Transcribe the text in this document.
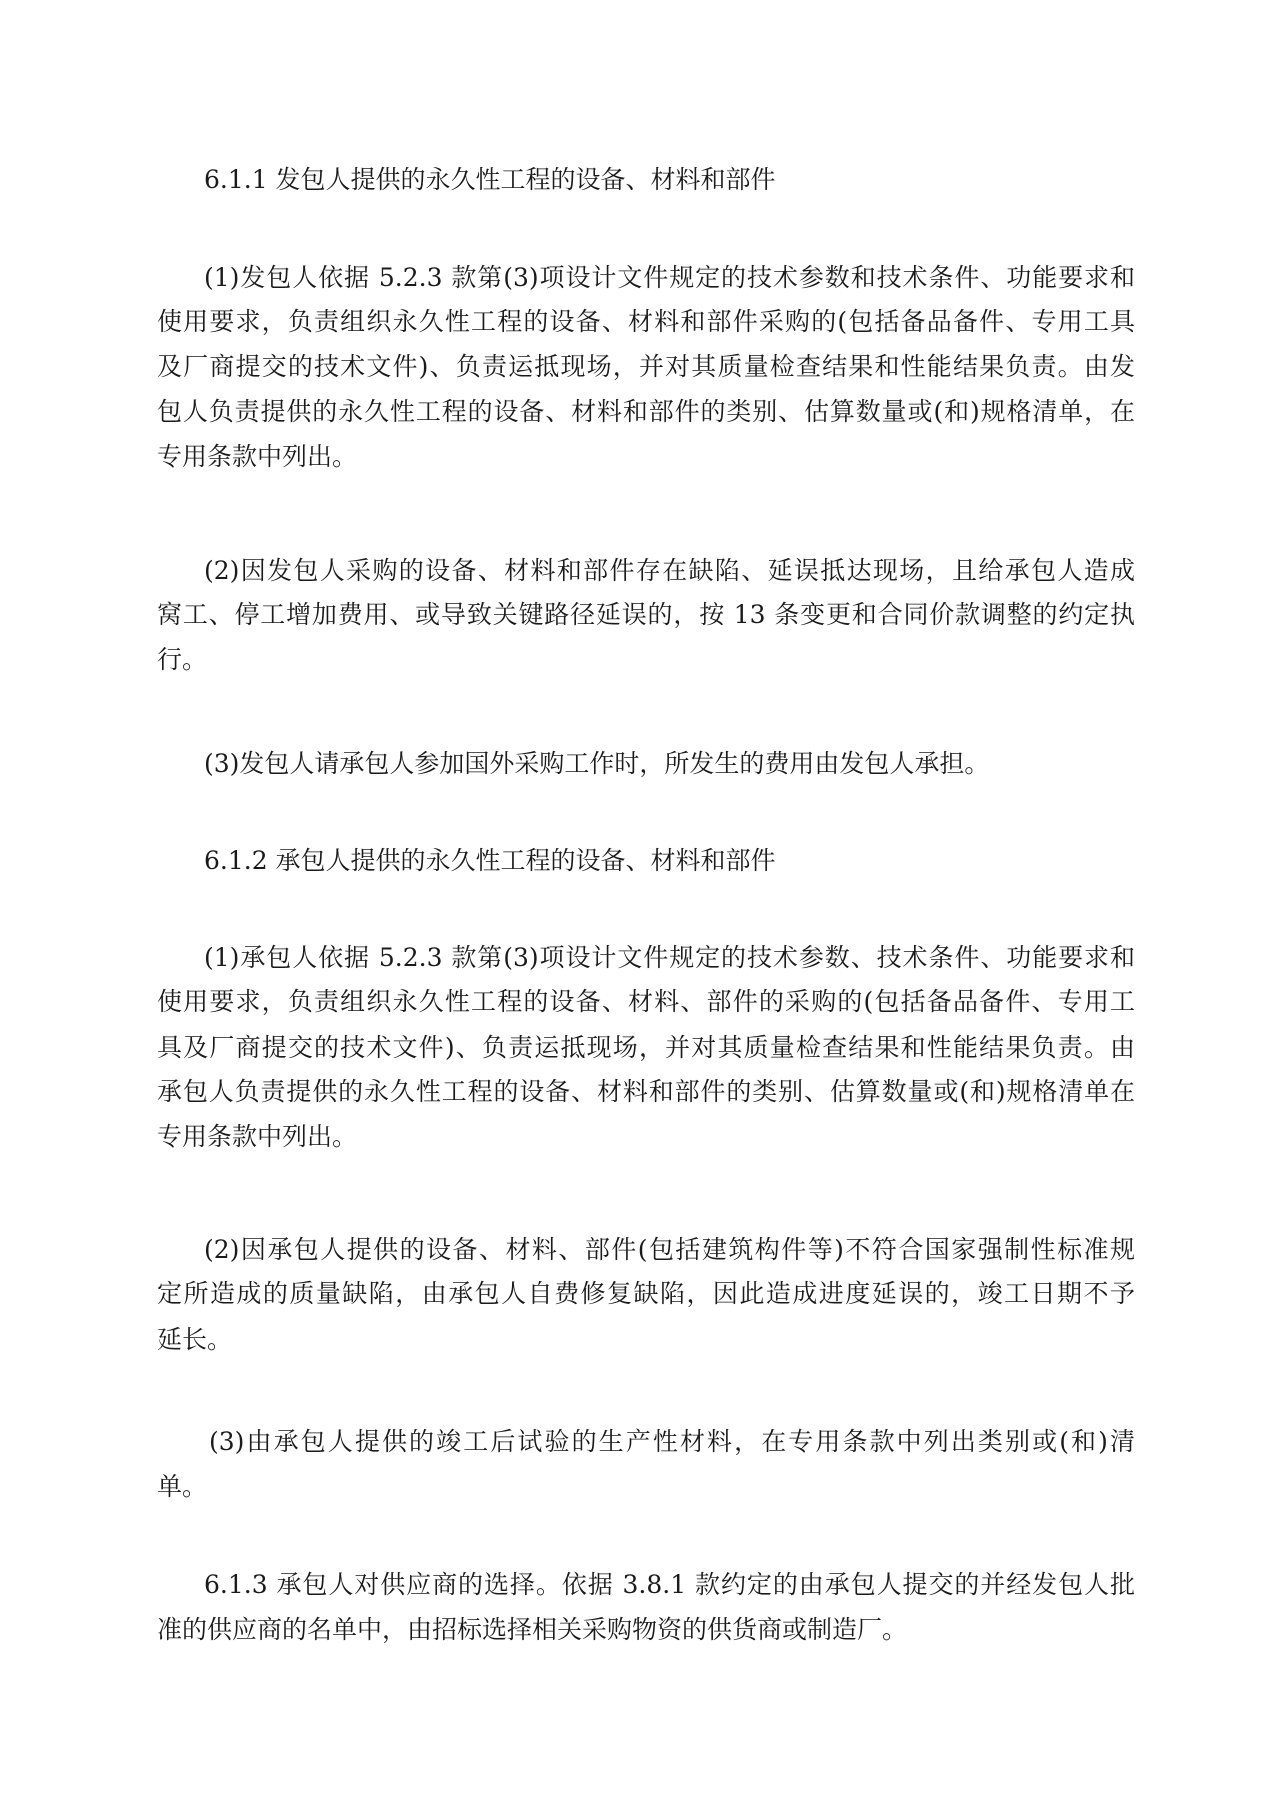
6.1.1 发包人提供的永久性工程的设备、材料和部件
(1)发包人依据 5.2.3 款第(3)项设计文件规定的技术参数和技术条件、功能要求和
使用要求，负责组织永久性工程的设备、材料和部件采购的(包括备品备件、专用工具
及厂商提交的技术文件)、负责运抵现场，并对其质量检查结果和性能结果负责。由发
包人负责提供的永久性工程的设备、材料和部件的类别、估算数量或(和)规格清单，在
专用条款中列出。
(2)因发包人采购的设备、材料和部件存在缺陷、延误抵达现场，且给承包人造成
窝工、停工增加费用、或导致关键路径延误的，按 13 条变更和合同价款调整的约定执
行。
(3)发包人请承包人参加国外采购工作时，所发生的费用由发包人承担。
6.1.2 承包人提供的永久性工程的设备、材料和部件
(1)承包人依据 5.2.3 款第(3)项设计文件规定的技术参数、技术条件、功能要求和
使用要求，负责组织永久性工程的设备、材料、部件的采购的(包括备品备件、专用工
具及厂商提交的技术文件)、负责运抵现场，并对其质量检查结果和性能结果负责。由
承包人负责提供的永久性工程的设备、材料和部件的类别、估算数量或(和)规格清单在
专用条款中列出。
(2)因承包人提供的设备、材料、部件(包括建筑构件等)不符合国家强制性标准规
定所造成的质量缺陷，由承包人自费修复缺陷，因此造成进度延误的，竣工日期不予
延长。
(3)由承包人提供的竣工后试验的生产性材料，在专用条款中列出类别或(和)清
单。
6.1.3 承包人对供应商的选择。依据 3.8.1 款约定的由承包人提交的并经发包人批
准的供应商的名单中，由招标选择相关采购物资的供货商或制造厂。
